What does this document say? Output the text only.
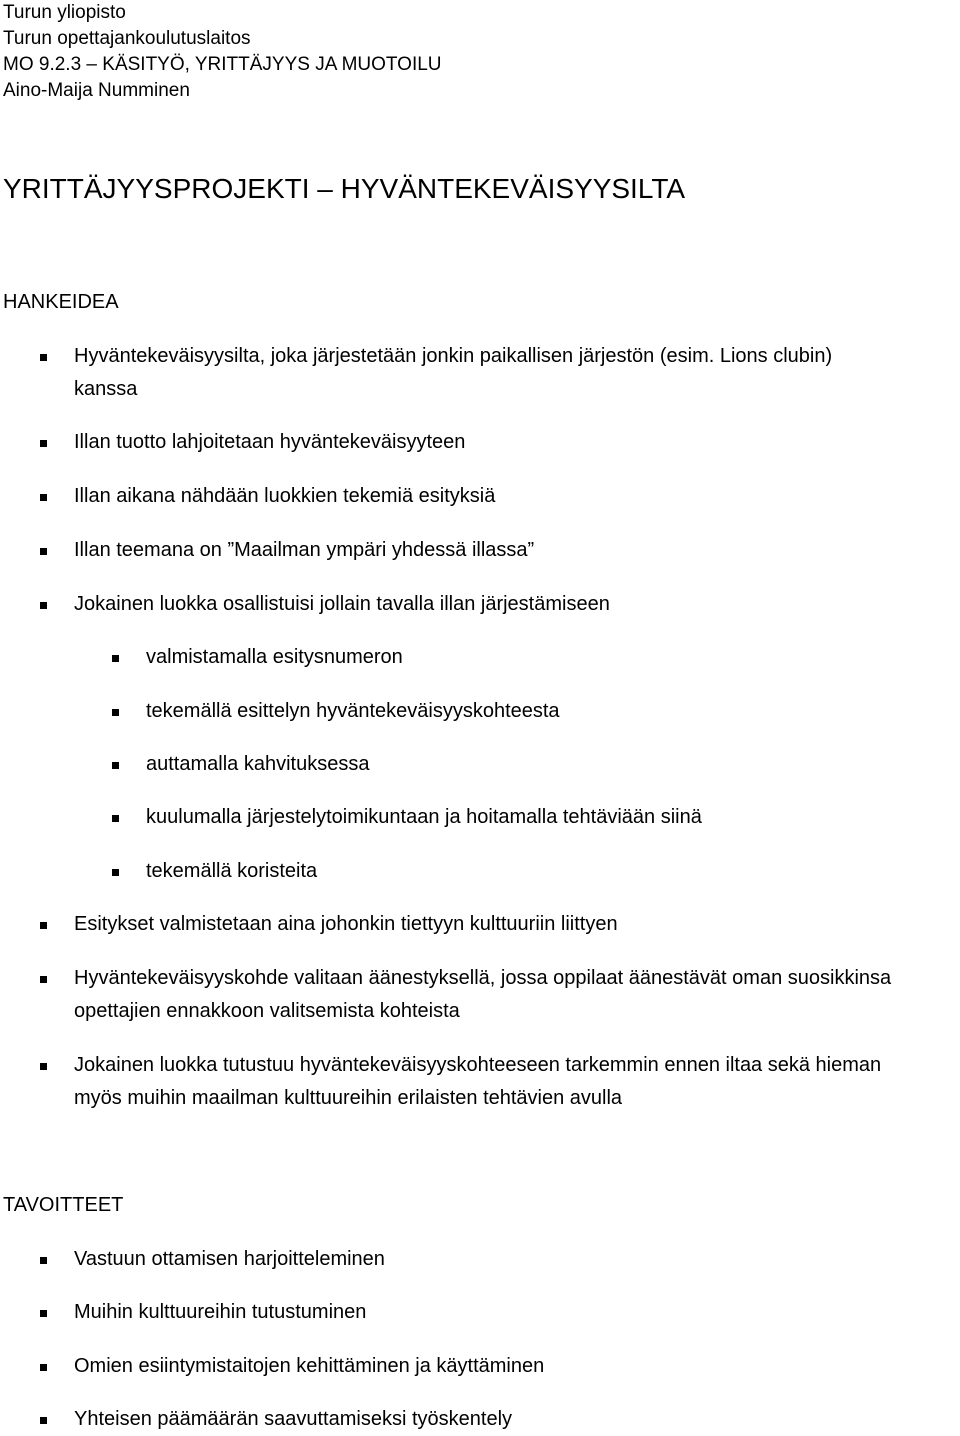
Turun yliopisto
Turun opettajankoulutuslaitos
MO 9.2.3 – KÄSITYÖ, YRITTÄJYYS JA MUOTOILU
Aino-Maija Numminen
YRITTÄJYYSPROJEKTI – HYVÄNTEKEVÄISYYSILTA
HANKEIDEA
Hyväntekeväisyysilta, joka järjestetään jonkin paikallisen järjestön (esim. Lions clubin)
kanssa
Illan tuotto lahjoitetaan hyväntekeväisyyteen
Illan aikana nähdään luokkien tekemiä esityksiä
Illan teemana on ”Maailman ympäri yhdessä illassa”
Jokainen luokka osallistuisi jollain tavalla illan järjestämiseen
valmistamalla esitysnumeron
tekemällä esittelyn hyväntekeväisyyskohteesta
auttamalla kahvituksessa
kuulumalla järjestelytoimikuntaan ja hoitamalla tehtäviään siinä
tekemällä koristeita
Esitykset valmistetaan aina johonkin tiettyyn kulttuuriin liittyen
Hyväntekeväisyyskohde valitaan äänestyksellä, jossa oppilaat äänestävät oman suosikkinsa
opettajien ennakkoon valitsemista kohteista
Jokainen luokka tutustuu hyväntekeväisyyskohteeseen tarkemmin ennen iltaa sekä hieman
myös muihin maailman kulttuureihin erilaisten tehtävien avulla
TAVOITTEET
Vastuun ottamisen harjoitteleminen
Muihin kulttuureihin tutustuminen
Omien esiintymistaitojen kehittäminen ja käyttäminen
Yhteisen päämäärän saavuttamiseksi työskentely
